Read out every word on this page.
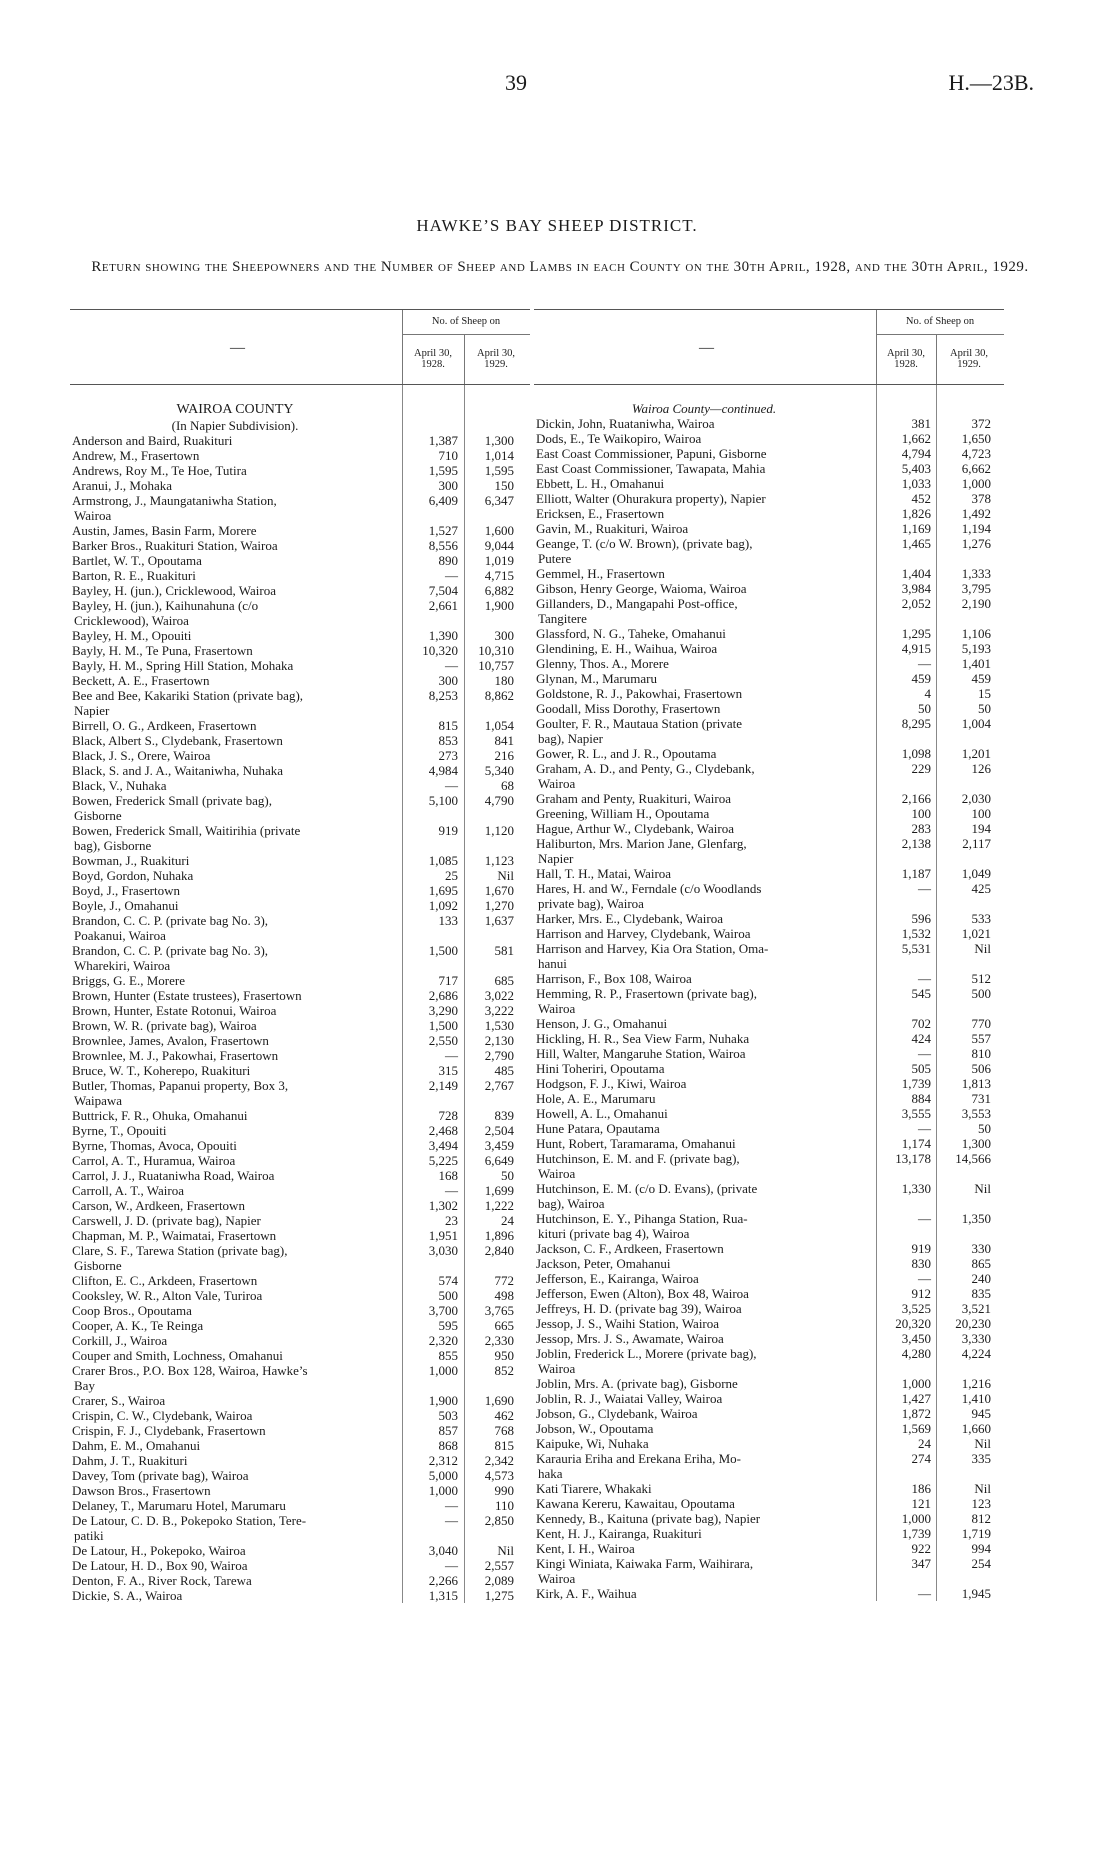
39	H.—23B.
HAWKE’S BAY SHEEP DISTRICT.
Return showing the Sheepowners and the Number of Sheep and Lambs in each County on the 30th April, 1928, and the 30th April, 1929.
—
No. of Sheep on
April 30, 1928.
April 30, 1929.
WAIROA COUNTY
(In Napier Subdivision).
Anderson and Baird, Ruakituri	1,387	1,300
Andrew, M., Frasertown	710	1,014
Andrews, Roy M., Te Hoe, Tutira	1,595	1,595
Aranui, J., Mohaka	300	150
Armstrong, J., Maungataniwha Station,	6,409	6,347
Wairoa
Austin, James, Basin Farm, Morere	1,527	1,600
Barker Bros., Ruakituri Station, Wairoa	8,556	9,044
Bartlet, W. T., Opoutama	890	1,019
Barton, R. E., Ruakituri	—	4,715
Bayley, H. (jun.), Cricklewood, Wairoa	7,504	6,882
Bayley, H. (jun.), Kaihunahuna (c/o	2,661	1,900
Cricklewood), Wairoa
Bayley, H. M., Opouiti	1,390	300
Bayly, H. M., Te Puna, Frasertown	10,320	10,310
Bayly, H. M., Spring Hill Station, Mohaka	—	10,757
Beckett, A. E., Frasertown	300	180
Bee and Bee, Kakariki Station (private bag),	8,253	8,862
Napier
Birrell, O. G., Ardkeen, Frasertown	815	1,054
Black, Albert S., Clydebank, Frasertown	853	841
Black, J. S., Orere, Wairoa	273	216
Black, S. and J. A., Waitaniwha, Nuhaka	4,984	5,340
Black, V., Nuhaka	—	68
Bowen, Frederick Small (private bag),	5,100	4,790
Gisborne
Bowen, Frederick Small, Waitirihia (private	919	1,120
bag), Gisborne
Bowman, J., Ruakituri	1,085	1,123
Boyd, Gordon, Nuhaka	25	Nil
Boyd, J., Frasertown	1,695	1,670
Boyle, J., Omahanui	1,092	1,270
Brandon, C. C. P. (private bag No. 3),	133	1,637
Poakanui, Wairoa
Brandon, C. C. P. (private bag No. 3),	1,500	581
Wharekiri, Wairoa
Briggs, G. E., Morere	717	685
Brown, Hunter (Estate trustees), Frasertown	2,686	3,022
Brown, Hunter, Estate Rotonui, Wairoa	3,290	3,222
Brown, W. R. (private bag), Wairoa	1,500	1,530
Brownlee, James, Avalon, Frasertown	2,550	2,130
Brownlee, M. J., Pakowhai, Frasertown	—	2,790
Bruce, W. T., Koherepo, Ruakituri	315	485
Butler, Thomas, Papanui property, Box 3,	2,149	2,767
Waipawa
Buttrick, F. R., Ohuka, Omahanui	728	839
Byrne, T., Opouiti	2,468	2,504
Byrne, Thomas, Avoca, Opouiti	3,494	3,459
Carrol, A. T., Huramua, Wairoa	5,225	6,649
Carrol, J. J., Ruataniwha Road, Wairoa	168	50
Carroll, A. T., Wairoa	—	1,699
Carson, W., Ardkeen, Frasertown	1,302	1,222
Carswell, J. D. (private bag), Napier	23	24
Chapman, M. P., Waimatai, Frasertown	1,951	1,896
Clare, S. F., Tarewa Station (private bag),	3,030	2,840
Gisborne
Clifton, E. C., Arkdeen, Frasertown	574	772
Cooksley, W. R., Alton Vale, Turiroa	500	498
Coop Bros., Opoutama	3,700	3,765
Cooper, A. K., Te Reinga	595	665
Corkill, J., Wairoa	2,320	2,330
Couper and Smith, Lochness, Omahanui	855	950
Crarer Bros., P.O. Box 128, Wairoa, Hawke’s	1,000	852
Bay
Crarer, S., Wairoa	1,900	1,690
Crispin, C. W., Clydebank, Wairoa	503	462
Crispin, F. J., Clydebank, Frasertown	857	768
Dahm, E. M., Omahanui	868	815
Dahm, J. T., Ruakituri	2,312	2,342
Davey, Tom (private bag), Wairoa	5,000	4,573
Dawson Bros., Frasertown	1,000	990
Delaney, T., Marumaru Hotel, Marumaru	—	110
De Latour, C. D. B., Pokepoko Station, Tere-	—	2,850
patiki
De Latour, H., Pokepoko, Wairoa	3,040	Nil
De Latour, H. D., Box 90, Wairoa	—	2,557
Denton, F. A., River Rock, Tarewa	2,266	2,089
Dickie, S. A., Wairoa	1,315	1,275
—
No. of Sheep on
April 30, 1928.
April 30, 1929.
Wairoa County—continued.
Dickin, John, Ruataniwha, Wairoa	381	372
Dods, E., Te Waikopiro, Wairoa	1,662	1,650
East Coast Commissioner, Papuni, Gisborne	4,794	4,723
East Coast Commissioner, Tawapata, Mahia	5,403	6,662
Ebbett, L. H., Omahanui	1,033	1,000
Elliott, Walter (Ohurakura property), Napier	452	378
Ericksen, E., Frasertown	1,826	1,492
Gavin, M., Ruakituri, Wairoa	1,169	1,194
Geange, T. (c/o W. Brown), (private bag),	1,465	1,276
Putere
Gemmel, H., Frasertown	1,404	1,333
Gibson, Henry George, Waioma, Wairoa	3,984	3,795
Gillanders, D., Mangapahi Post-office,	2,052	2,190
Tangitere
Glassford, N. G., Taheke, Omahanui	1,295	1,106
Glendining, E. H., Waihua, Wairoa	4,915	5,193
Glenny, Thos. A., Morere	—	1,401
Glynan, M., Marumaru	459	459
Goldstone, R. J., Pakowhai, Frasertown	4	15
Goodall, Miss Dorothy, Frasertown	50	50
Goulter, F. R., Mautaua Station (private	8,295	1,004
bag), Napier
Gower, R. L., and J. R., Opoutama	1,098	1,201
Graham, A. D., and Penty, G., Clydebank,	229	126
Wairoa
Graham and Penty, Ruakituri, Wairoa	2,166	2,030
Greening, William H., Opoutama	100	100
Hague, Arthur W., Clydebank, Wairoa	283	194
Haliburton, Mrs. Marion Jane, Glenfarg,	2,138	2,117
Napier
Hall, T. H., Matai, Wairoa	1,187	1,049
Hares, H. and W., Ferndale (c/o Woodlands	—	425
private bag), Wairoa
Harker, Mrs. E., Clydebank, Wairoa	596	533
Harrison and Harvey, Clydebank, Wairoa	1,532	1,021
Harrison and Harvey, Kia Ora Station, Oma-	5,531	Nil
hanui
Harrison, F., Box 108, Wairoa	—	512
Hemming, R. P., Frasertown (private bag),	545	500
Wairoa
Henson, J. G., Omahanui	702	770
Hickling, H. R., Sea View Farm, Nuhaka	424	557
Hill, Walter, Mangaruhe Station, Wairoa	—	810
Hini Toheriri, Opoutama	505	506
Hodgson, F. J., Kiwi, Wairoa	1,739	1,813
Hole, A. E., Marumaru	884	731
Howell, A. L., Omahanui	3,555	3,553
Hune Patara, Opautama	—	50
Hunt, Robert, Taramarama, Omahanui	1,174	1,300
Hutchinson, E. M. and F. (private bag),	13,178	14,566
Wairoa
Hutchinson, E. M. (c/o D. Evans), (private	1,330	Nil
bag), Wairoa
Hutchinson, E. Y., Pihanga Station, Rua-	—	1,350
kituri (private bag 4), Wairoa
Jackson, C. F., Ardkeen, Frasertown	919	330
Jackson, Peter, Omahanui	830	865
Jefferson, E., Kairanga, Wairoa	—	240
Jefferson, Ewen (Alton), Box 48, Wairoa	912	835
Jeffreys, H. D. (private bag 39), Wairoa	3,525	3,521
Jessop, J. S., Waihi Station, Wairoa	20,320	20,230
Jessop, Mrs. J. S., Awamate, Wairoa	3,450	3,330
Joblin, Frederick L., Morere (private bag),	4,280	4,224
Wairoa
Joblin, Mrs. A. (private bag), Gisborne	1,000	1,216
Joblin, R. J., Waiatai Valley, Wairoa	1,427	1,410
Jobson, G., Clydebank, Wairoa	1,872	945
Jobson, W., Opoutama	1,569	1,660
Kaipuke, Wi, Nuhaka	24	Nil
Karauria Eriha and Erekana Eriha, Mo-	274	335
haka
Kati Tiarere, Whakaki	186	Nil
Kawana Kereru, Kawaitau, Opoutama	121	123
Kennedy, B., Kaituna (private bag), Napier	1,000	812
Kent, H. J., Kairanga, Ruakituri	1,739	1,719
Kent, I. H., Wairoa	922	994
Kingi Winiata, Kaiwaka Farm, Waihirara,	347	254
Wairoa
Kirk, A. F., Waihua	—	1,945
